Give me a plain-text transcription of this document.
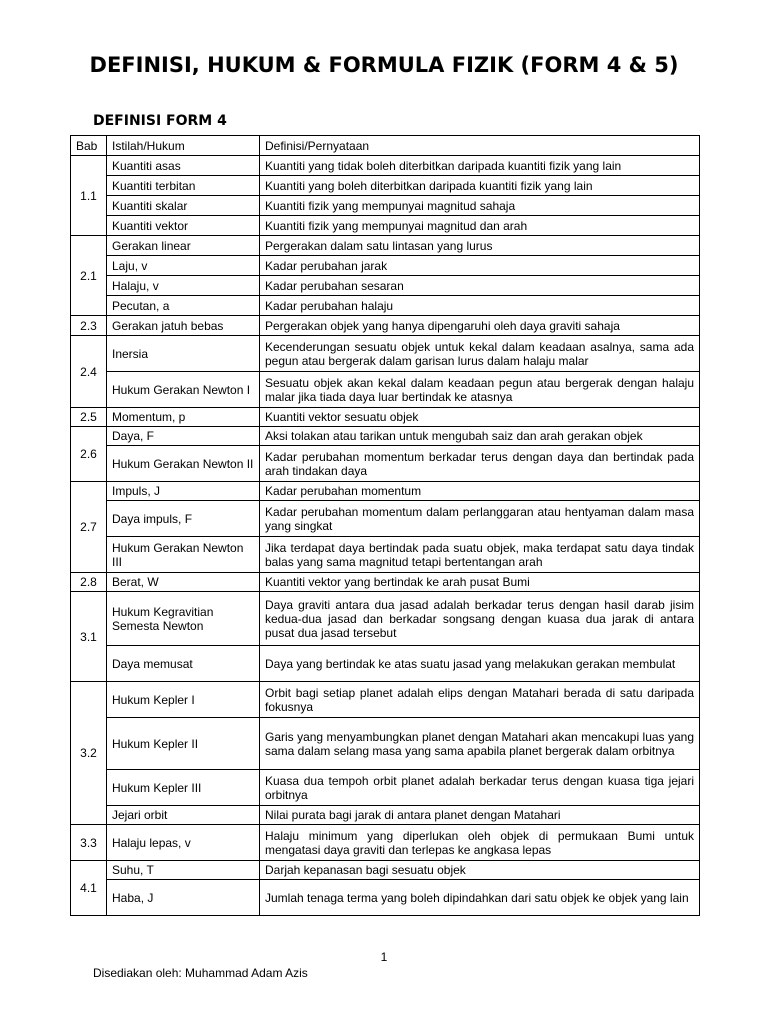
DEFINISI, HUKUM & FORMULA FIZIK (FORM 4 & 5)
DEFINISI FORM 4
Bab	Istilah/Hukum	Definisi/Pernyataan
1.1	Kuantiti asas	Kuantiti yang tidak boleh diterbitkan daripada kuantiti fizik yang lain
	Kuantiti terbitan	Kuantiti yang boleh diterbitkan daripada kuantiti fizik yang lain
	Kuantiti skalar	Kuantiti fizik yang mempunyai magnitud sahaja
	Kuantiti vektor	Kuantiti fizik yang mempunyai magnitud dan arah
2.1	Gerakan linear	Pergerakan dalam satu lintasan yang lurus
	Laju, v	Kadar perubahan jarak
	Halaju, v	Kadar perubahan sesaran
	Pecutan, a	Kadar perubahan halaju
2.3	Gerakan jatuh bebas	Pergerakan objek yang hanya dipengaruhi oleh daya graviti sahaja
2.4	Inersia	Kecenderungan sesuatu objek untuk kekal dalam keadaan asalnya, sama ada pegun atau bergerak dalam garisan lurus dalam halaju malar
	Hukum Gerakan Newton I	Sesuatu objek akan kekal dalam keadaan pegun atau bergerak dengan halaju malar jika tiada daya luar bertindak ke atasnya
2.5	Momentum, p	Kuantiti vektor sesuatu objek
2.6	Daya, F	Aksi tolakan atau tarikan untuk mengubah saiz dan arah gerakan objek
	Hukum Gerakan Newton II	Kadar perubahan momentum berkadar terus dengan daya dan bertindak pada arah tindakan daya
2.7	Impuls, J	Kadar perubahan momentum
	Daya impuls, F	Kadar perubahan momentum dalam perlanggaran atau hentyaman dalam masa yang singkat
	Hukum Gerakan Newton III	Jika terdapat daya bertindak pada suatu objek, maka terdapat satu daya tindak balas yang sama magnitud tetapi bertentangan arah
2.8	Berat, W	Kuantiti vektor yang bertindak ke arah pusat Bumi
3.1	Hukum Kegravitian Semesta Newton	Daya graviti antara dua jasad adalah berkadar terus dengan hasil darab jisim kedua-dua jasad dan berkadar songsang dengan kuasa dua jarak di antara pusat dua jasad tersebut
	Daya memusat	Daya yang bertindak ke atas suatu jasad yang melakukan gerakan membulat
3.2	Hukum Kepler I	Orbit bagi setiap planet adalah elips dengan Matahari berada di satu daripada fokusnya
	Hukum Kepler II	Garis yang menyambungkan planet dengan Matahari akan mencakupi luas yang sama dalam selang masa yang sama apabila planet bergerak dalam orbitnya
	Hukum Kepler III	Kuasa dua tempoh orbit planet adalah berkadar terus dengan kuasa tiga jejari orbitnya
	Jejari orbit	Nilai purata bagi jarak di antara planet dengan Matahari
3.3	Halaju lepas, v	Halaju minimum yang diperlukan oleh objek di permukaan Bumi untuk mengatasi daya graviti dan terlepas ke angkasa lepas
4.1	Suhu, T	Darjah kepanasan bagi sesuatu objek
	Haba, J	Jumlah tenaga terma yang boleh dipindahkan dari satu objek ke objek yang lain
1
Disediakan oleh: Muhammad Adam Azis
